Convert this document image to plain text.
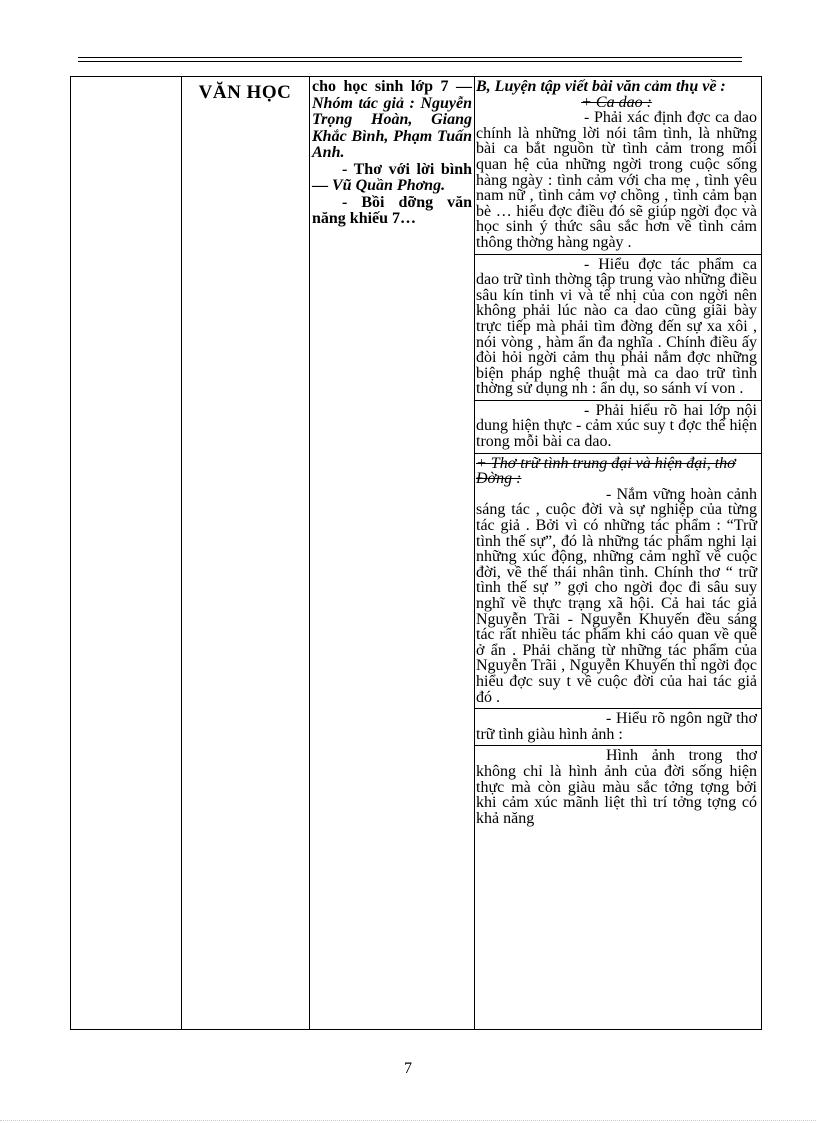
VĂN HỌC	cho học sinh lớp 7 — Nhóm tác giả : Nguyễn Trọng Hoàn, Giang Khắc Bình, Phạm Tuấn Anh.
- Thơ với lời bình — Vũ Quần Phơng.
- Bồi dỡng văn năng khiếu 7…
B, Luyện tập viết bài văn cảm thụ về :
+ Ca dao :
- Phải xác định đợc ca dao chính là những lời nói tâm tình, là những bài ca bắt nguồn từ tình cảm trong mối quan hệ của những ngời trong cuộc sống hàng ngày : tình cảm với cha mẹ , tình yêu nam nữ , tình cảm vợ chồng , tình cảm bạn bè … hiểu đợc điều đó sẽ giúp ngời đọc và học sinh ý thức sâu sắc hơn về tình cảm thông thờng hàng ngày .
- Hiểu đợc tác phẩm ca dao trữ tình thờng tập trung vào những điều sâu kín tinh vi và tế nhị của con ngời nên không phải lúc nào ca dao cũng giãi bày trực tiếp mà phải tìm đờng đến sự xa xôi , nói vòng , hàm ẩn đa nghĩa . Chính điều ấy đòi hỏi ngời cảm thụ phải nắm đợc những biện pháp nghệ thuật mà ca dao trữ tình thờng sử dụng nh : ẩn dụ, so sánh ví von .
- Phải hiểu rõ hai lớp nội dung hiện thực - cảm xúc suy t đợc thể hiện trong mỗi bài ca dao.
+ Thơ trữ tình trung đại và hiện đại, thơ Đờng :
- Nắm vững hoàn cảnh sáng tác , cuộc đời và sự nghiệp của từng tác giả . Bởi vì có những tác phẩm : “Trữ tình thế sự”, đó là những tác phẩm nghi lại những xúc động, những cảm nghĩ về cuộc đời, về thế thái nhân tình. Chính thơ “ trữ tình thế sự ” gợi cho ngời đọc đi sâu suy nghĩ về thực trạng xã hội. Cả hai tác giả Nguyễn Trãi - Nguyễn Khuyến đều sáng tác rất nhiều tác phẩm khi cáo quan về quê ở ẩn . Phải chăng từ những tác phẩm của Nguyễn Trãi , Nguyễn Khuyến thì ngời đọc hiểu đợc suy t về cuộc đời của hai tác giả đó .
- Hiểu rõ ngôn ngữ thơ trữ tình giàu hình ảnh :
Hình ảnh trong thơ không chỉ là hình ảnh của đời sống hiện thực mà còn giàu màu sắc tởng tợng bởi khi cảm xúc mãnh liệt thì trí tởng tợng có khả năng
7
